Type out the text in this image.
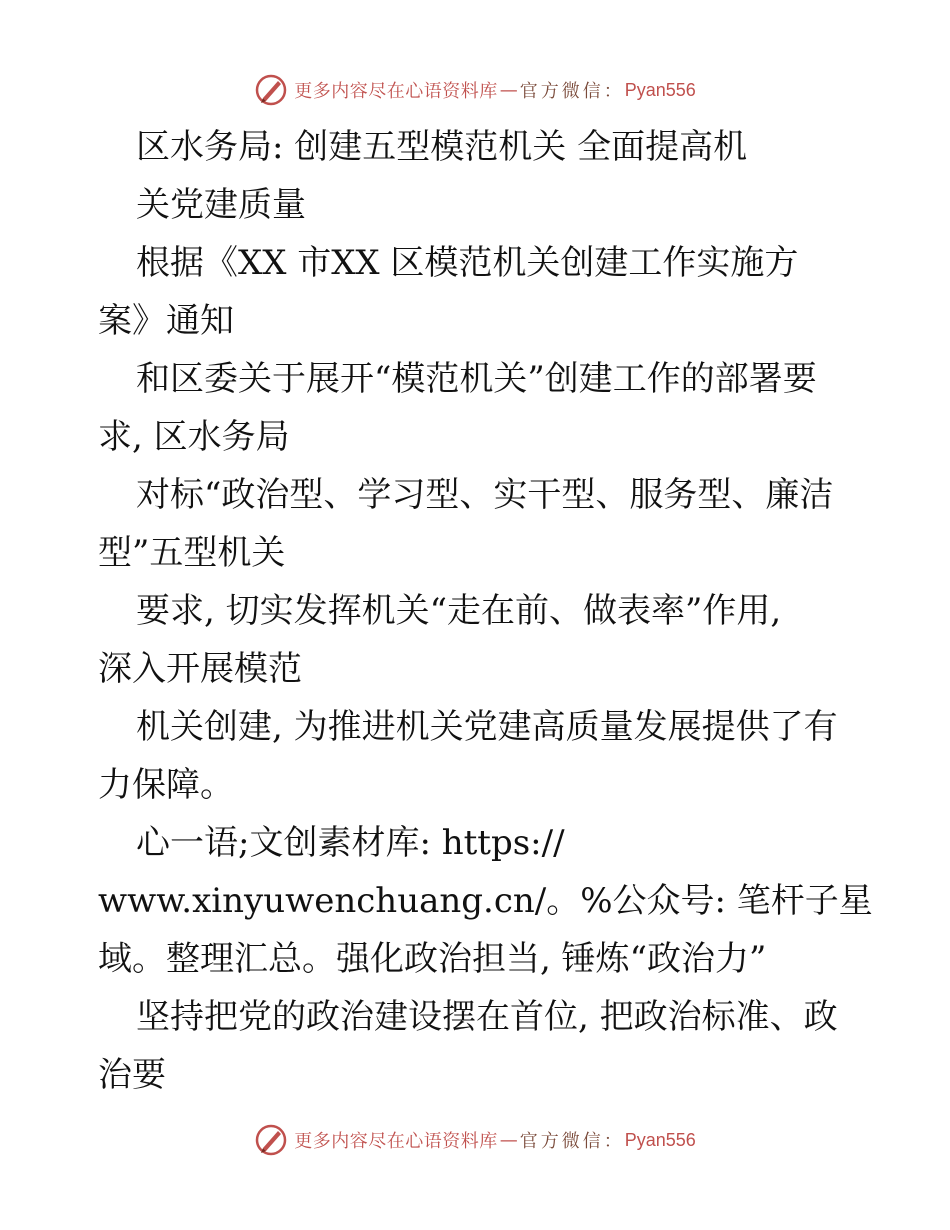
更多内容尽在心语资料库 — 官方微信： Pyan556
区水务局: 创建五型模范机关 全面提高机
关党建质量
根据《XX 市XX 区模范机关创建工作实施方
案》通知
和区委关于展开“模范机关”创建工作的部署要
求, 区水务局
对标“政治型、学习型、实干型、服务型、廉洁
型”五型机关
要求, 切实发挥机关“走在前、做表率”作用,
深入开展模范
机关创建, 为推进机关党建高质量发展提供了有
力保障。
心一语;文创素材库: https://
www.xinyuwenchuang.cn/。%公众号: 笔杆子星
域。整理汇总。强化政治担当, 锤炼“政治力”
坚持把党的政治建设摆在首位, 把政治标准、政
治要
更多内容尽在心语资料库 — 官方微信： Pyan556
